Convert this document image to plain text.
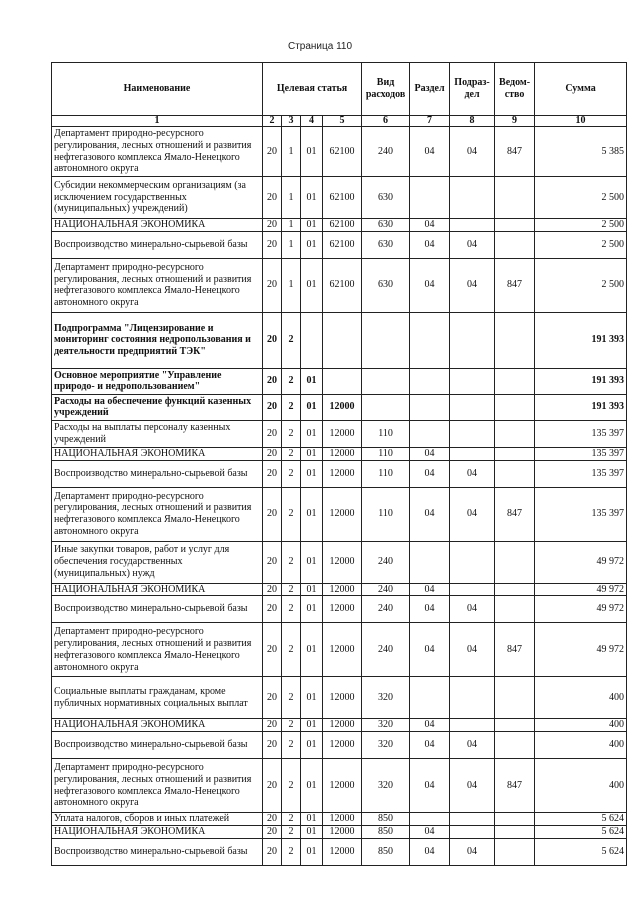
Страница 110
Наименование	Целевая статья				Вид расходов	Раздел	Подраз-дел	Ведом-ство	Сумма
1	2	3	4	5	6	7	8	9	10
Департамент природно-ресурсного регулирования, лесных отношений и развития нефтегазового комплекса Ямало-Ненецкого автономного округа	20	1	01	62100	240	04	04	847	5 385
Субсидии некоммерческим организациям (за исключением государственных (муниципальных) учреждений)	20	1	01	62100	630				2 500
НАЦИОНАЛЬНАЯ ЭКОНОМИКА	20	1	01	62100	630	04			2 500
Воспроизводство минерально-сырьевой базы	20	1	01	62100	630	04	04		2 500
Департамент природно-ресурсного регулирования, лесных отношений и развития нефтегазового комплекса Ямало-Ненецкого автономного округа	20	1	01	62100	630	04	04	847	2 500
Подпрограмма "Лицензирование и мониторинг состояния недропользования и деятельности предприятий ТЭК"	20	2							191 393
Основное мероприятие "Управление природо- и недропользованием"	20	2	01						191 393
Расходы на обеспечение функций казенных учреждений	20	2	01	12000					191 393
Расходы на выплаты персоналу казенных учреждений	20	2	01	12000	110				135 397
НАЦИОНАЛЬНАЯ ЭКОНОМИКА	20	2	01	12000	110	04			135 397
Воспроизводство минерально-сырьевой базы	20	2	01	12000	110	04	04		135 397
Департамент природно-ресурсного регулирования, лесных отношений и развития нефтегазового комплекса Ямало-Ненецкого автономного округа	20	2	01	12000	110	04	04	847	135 397
Иные закупки товаров, работ и услуг для обеспечения государственных (муниципальных) нужд	20	2	01	12000	240				49 972
НАЦИОНАЛЬНАЯ ЭКОНОМИКА	20	2	01	12000	240	04			49 972
Воспроизводство минерально-сырьевой базы	20	2	01	12000	240	04	04		49 972
Департамент природно-ресурсного регулирования, лесных отношений и развития нефтегазового комплекса Ямало-Ненецкого автономного округа	20	2	01	12000	240	04	04	847	49 972
Социальные выплаты гражданам, кроме публичных нормативных социальных выплат	20	2	01	12000	320				400
НАЦИОНАЛЬНАЯ ЭКОНОМИКА	20	2	01	12000	320	04			400
Воспроизводство минерально-сырьевой базы	20	2	01	12000	320	04	04		400
Департамент природно-ресурсного регулирования, лесных отношений и развития нефтегазового комплекса Ямало-Ненецкого автономного округа	20	2	01	12000	320	04	04	847	400
Уплата налогов, сборов и иных платежей	20	2	01	12000	850				5 624
НАЦИОНАЛЬНАЯ ЭКОНОМИКА	20	2	01	12000	850	04			5 624
Воспроизводство минерально-сырьевой базы	20	2	01	12000	850	04	04		5 624
